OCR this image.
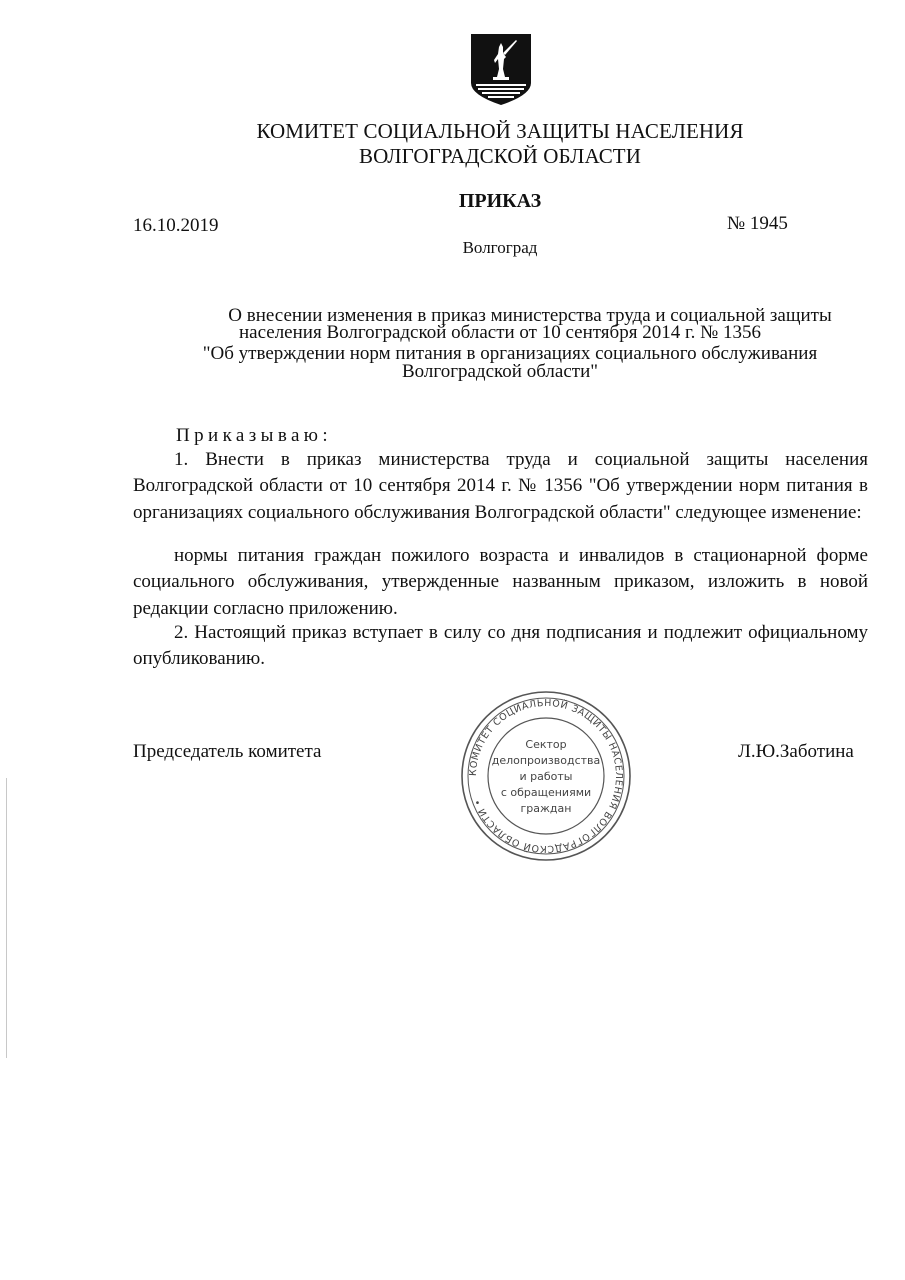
КОМИТЕТ СОЦИАЛЬНОЙ ЗАЩИТЫ НАСЕЛЕНИЯ
ВОЛГОГРАДСКОЙ ОБЛАСТИ
ПРИКАЗ
16.10.2019	№ 1945
Волгоград
О внесении изменения в приказ министерства труда и социальной защиты
населения Волгоградской области от 10 сентября 2014 г. № 1356
"Об утверждении норм питания в организациях социального обслуживания
Волгоградской области"
Приказываю:

1. Внести в приказ министерства труда и социальной защиты населения Волгоградской области от 10 сентября 2014 г. № 1356 "Об утверждении норм питания в организациях социального обслуживания Волгоградской области" следующее изменение:

нормы питания граждан пожилого возраста и инвалидов в стационарной форме социального обслуживания, утвержденные названным приказом, изложить в новой редакции согласно приложению.

2. Настоящий приказ вступает в силу со дня подписания и подлежит официальному опубликованию.

Председатель комитета	Л.Ю.Заботина
КОМИТЕТ СОЦИАЛЬНОЙ ЗАЩИТЫ НАСЕЛЕНИЯ ВОЛГОГРАДСКОЙ ОБЛАСТИ •
Сектор
делопроизводства
и работы
с обращениями
граждан
